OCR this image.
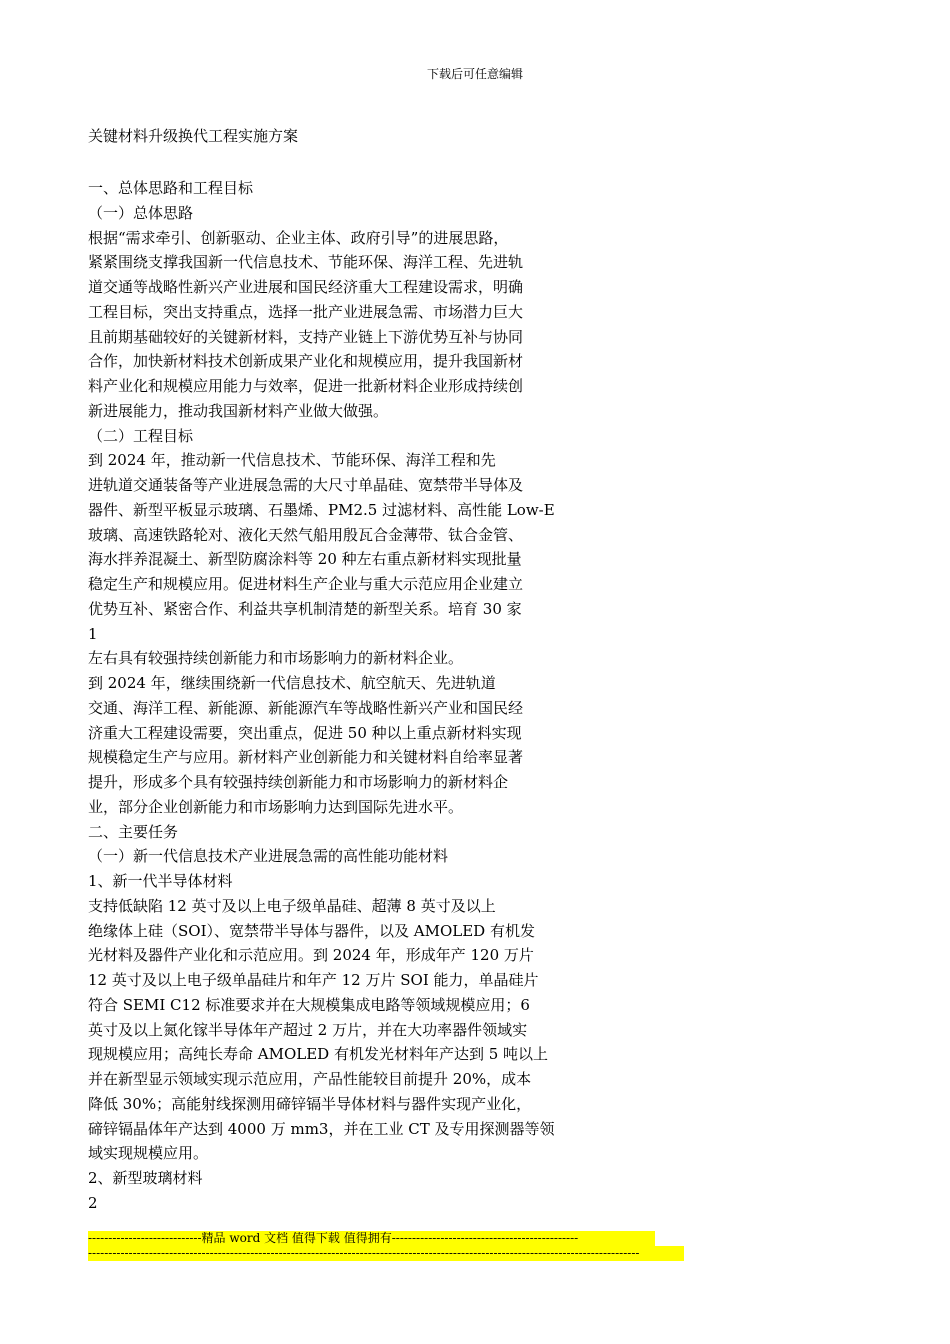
下载后可任意编辑
关键材料升级换代工程实施方案
一、总体思路和工程目标
（一）总体思路
根据“需求牵引、创新驱动、企业主体、政府引导”的进展思路，
紧紧围绕支撑我国新一代信息技术、节能环保、海洋工程、先进轨
道交通等战略性新兴产业进展和国民经济重大工程建设需求，明确
工程目标，突出支持重点，选择一批产业进展急需、市场潜力巨大
且前期基础较好的关键新材料，支持产业链上下游优势互补与协同
合作，加快新材料技术创新成果产业化和规模应用，提升我国新材
料产业化和规模应用能力与效率，促进一批新材料企业形成持续创
新进展能力，推动我国新材料产业做大做强。
（二）工程目标
到 2024 年，推动新一代信息技术、节能环保、海洋工程和先
进轨道交通装备等产业进展急需的大尺寸单晶硅、宽禁带半导体及
器件、新型平板显示玻璃、石墨烯、PM2.5 过滤材料、高性能 Low-E
玻璃、高速铁路轮对、液化天然气船用殷瓦合金薄带、钛合金管、
海水拌养混凝土、新型防腐涂料等 20 种左右重点新材料实现批量
稳定生产和规模应用。促进材料生产企业与重大示范应用企业建立
优势互补、紧密合作、利益共享机制清楚的新型关系。培育 30 家
1
左右具有较强持续创新能力和市场影响力的新材料企业。
到 2024 年，继续围绕新一代信息技术、航空航天、先进轨道
交通、海洋工程、新能源、新能源汽车等战略性新兴产业和国民经
济重大工程建设需要，突出重点，促进 50 种以上重点新材料实现
规模稳定生产与应用。新材料产业创新能力和关键材料自给率显著
提升，形成多个具有较强持续创新能力和市场影响力的新材料企
业，部分企业创新能力和市场影响力达到国际先进水平。
二、主要任务
（一）新一代信息技术产业进展急需的高性能功能材料
1、新一代半导体材料
支持低缺陷 12 英寸及以上电子级单晶硅、超薄 8 英寸及以上
绝缘体上硅（SOI）、宽禁带半导体与器件，以及 AMOLED 有机发
光材料及器件产业化和示范应用。到 2024 年，形成年产 120 万片
12 英寸及以上电子级单晶硅片和年产 12 万片 SOI 能力，单晶硅片
符合 SEMI C12 标准要求并在大规模集成电路等领域规模应用；6
英寸及以上氮化镓半导体年产超过 2 万片，并在大功率器件领域实
现规模应用；高纯长寿命 AMOLED 有机发光材料年产达到 5 吨以上
并在新型显示领域实现示范应用，产品性能较目前提升 20%，成本
降低 30%；高能射线探测用碲锌镉半导体材料与器件实现产业化，
碲锌镉晶体年产达到 4000 万 mm3，并在工业 CT 及专用探测器等领
域实现规模应用。
2、新型玻璃材料
2
----------------------------精品 word 文档 值得下载 值得拥有----------------------------------------------
----------------------------------------------------------------------------------------------------------------------------------------
